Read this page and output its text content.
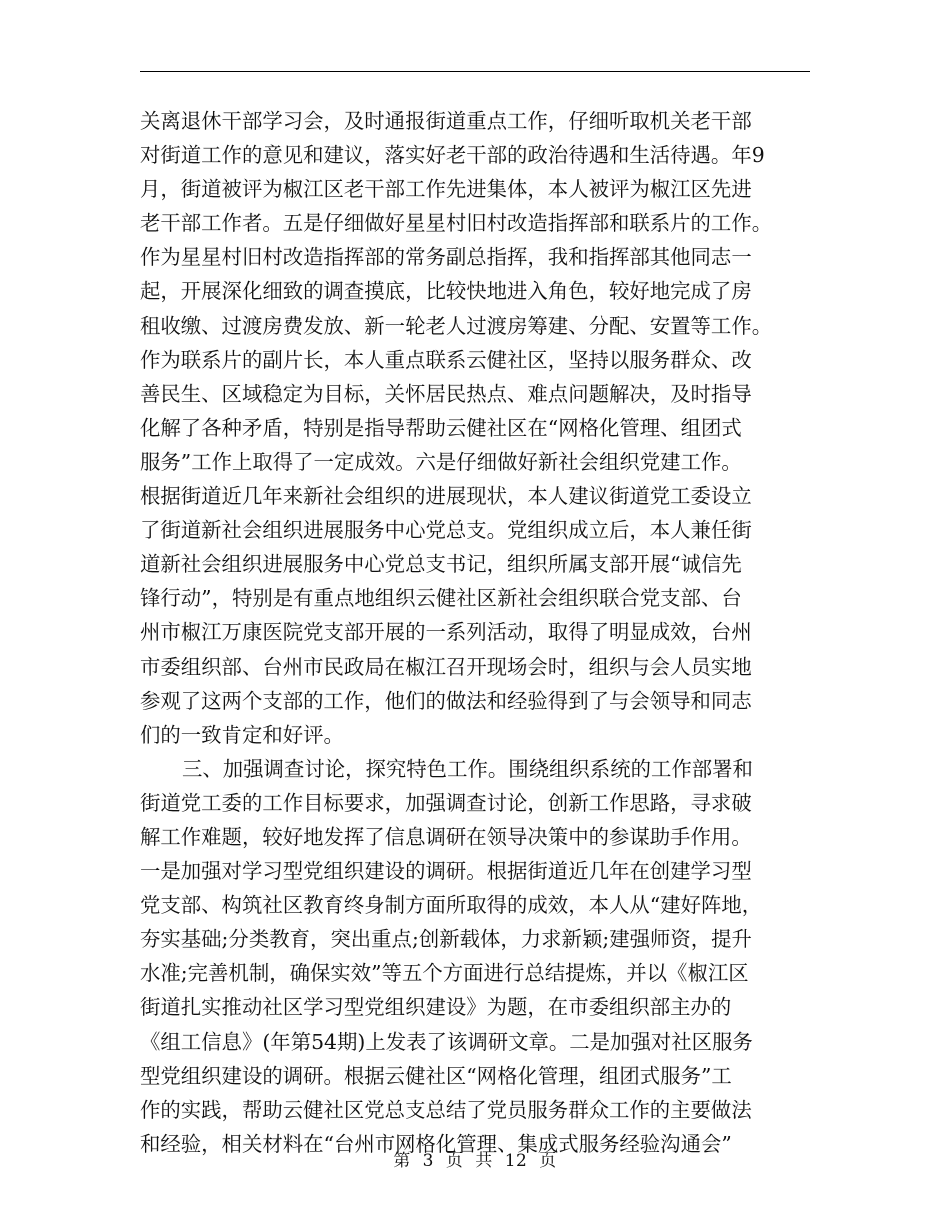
关离退休干部学习会，及时通报街道重点工作，仔细听取机关老干部
对街道工作的意见和建议，落实好老干部的政治待遇和生活待遇。年9
月，街道被评为椒江区老干部工作先进集体，本人被评为椒江区先进
老干部工作者。五是仔细做好星星村旧村改造指挥部和联系片的工作。
作为星星村旧村改造指挥部的常务副总指挥，我和指挥部其他同志一
起，开展深化细致的调查摸底，比较快地进入角色，较好地完成了房
租收缴、过渡房费发放、新一轮老人过渡房筹建、分配、安置等工作。
作为联系片的副片长，本人重点联系云健社区，坚持以服务群众、改
善民生、区域稳定为目标，关怀居民热点、难点问题解决，及时指导
化解了各种矛盾，特别是指导帮助云健社区在“网格化管理、组团式
服务”工作上取得了一定成效。六是仔细做好新社会组织党建工作。
根据街道近几年来新社会组织的进展现状，本人建议街道党工委设立
了街道新社会组织进展服务中心党总支。党组织成立后，本人兼任街
道新社会组织进展服务中心党总支书记，组织所属支部开展“诚信先
锋行动”，特别是有重点地组织云健社区新社会组织联合党支部、台
州市椒江万康医院党支部开展的一系列活动，取得了明显成效，台州
市委组织部、台州市民政局在椒江召开现场会时，组织与会人员实地
参观了这两个支部的工作，他们的做法和经验得到了与会领导和同志
们的一致肯定和好评。
三、加强调查讨论，探究特色工作。围绕组织系统的工作部署和
街道党工委的工作目标要求，加强调查讨论，创新工作思路，寻求破
解工作难题，较好地发挥了信息调研在领导决策中的参谋助手作用。
一是加强对学习型党组织建设的调研。根据街道近几年在创建学习型
党支部、构筑社区教育终身制方面所取得的成效，本人从“建好阵地，
夯实基础;分类教育，突出重点;创新载体，力求新颖;建强师资，提升
水准;完善机制，确保实效”等五个方面进行总结提炼，并以《椒江区
街道扎实推动社区学习型党组织建设》为题，在市委组织部主办的
《组工信息》(年第54期)上发表了该调研文章。二是加强对社区服务
型党组织建设的调研。根据云健社区“网格化管理，组团式服务”工
作的实践，帮助云健社区党总支总结了党员服务群众工作的主要做法
和经验，相关材料在“台州市网格化管理、集成式服务经验沟通会”
第 3 页 共 12 页
